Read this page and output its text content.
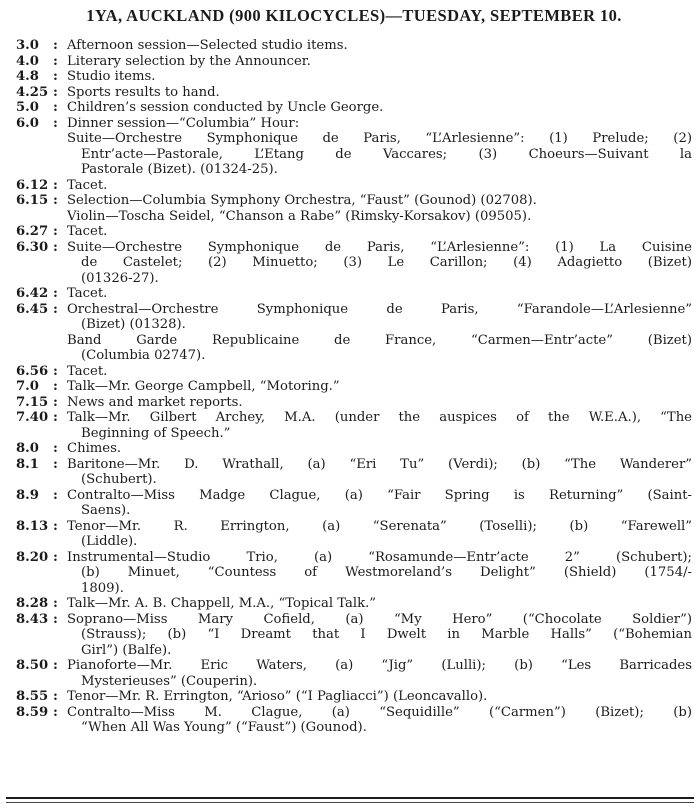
1YA, AUCKLAND (900 KILOCYCLES)—TUESDAY, SEPTEMBER 10.
3.0	: Afternoon session—Selected studio items.
4.0	: Literary selection by the Announcer.
4.8	: Studio items.
4.25 : Sports results to hand.
5.0	: Children’s session conducted by Uncle George.
6.0	: Dinner session—“Columbia” Hour:
Suite—Orchestre Symphonique de Paris, “L’Arlesienne”: (1) Prelude; (2)
Entr’acte—Pastorale, L’Etang de Vaccares; (3) Choeurs—Suivant la
Pastorale (Bizet). (01324-25).
6.12 : Tacet.
6.15 : Selection—Columbia Symphony Orchestra, “Faust” (Gounod) (02708).
Violin—Toscha Seidel, “Chanson a Rabe” (Rimsky-Korsakov) (09505).
6.27 : Tacet.
6.30 : Suite—Orchestre Symphonique de Paris, “L’Arlesienne”: (1) La Cuisine
de Castelet; (2) Minuetto; (3) Le Carillon; (4) Adagietto (Bizet)
(01326-27).
6.42 : Tacet.
6.45 : Orchestral—Orchestre Symphonique de Paris, “Farandole—L’Arlesienne”
(Bizet) (01328).
Band Garde Republicaine de France, “Carmen—Entr’acte” (Bizet)
(Columbia 02747).
6.56 : Tacet.
7.0	: Talk—Mr. George Campbell, “Motoring.”
7.15 : News and market reports.
7.40 : Talk—Mr. Gilbert Archey, M.A. (under the auspices of the W.E.A.), “The
Beginning of Speech.”
8.0	: Chimes.
8.1	: Baritone—Mr. D. Wrathall, (a) “Eri Tu” (Verdi); (b) “The Wanderer”
(Schubert).
8.9	: Contralto—Miss Madge Clague, (a) “Fair Spring is Returning” (Saint-
Saens).
8.13 : Tenor—Mr. R. Errington, (a) “Serenata” (Toselli); (b) “Farewell”
(Liddle).
8.20 : Instrumental—Studio Trio, (a) “Rosamunde—Entr’acte 2” (Schubert);
(b) Minuet, “Countess of Westmoreland’s Delight” (Shield) (1754/-
1809).
8.28 : Talk—Mr. A. B. Chappell, M.A., “Topical Talk.”
8.43 : Soprano—Miss Mary Cofield, (a) “My Hero” (“Chocolate Soldier”)
(Strauss); (b) “I Dreamt that I Dwelt in Marble Halls” (“Bohemian
Girl”) (Balfe).
8.50 : Pianoforte—Mr. Eric Waters, (a) “Jig” (Lulli); (b) “Les Barricades
Mysterieuses” (Couperin).
8.55 : Tenor—Mr. R. Errington, “Arioso” (“I Pagliacci”) (Leoncavallo).
8.59 : Contralto—Miss M. Clague, (a) “Sequidille” (“Carmen”) (Bizet); (b)
“When All Was Young” (“Faust”) (Gounod).
